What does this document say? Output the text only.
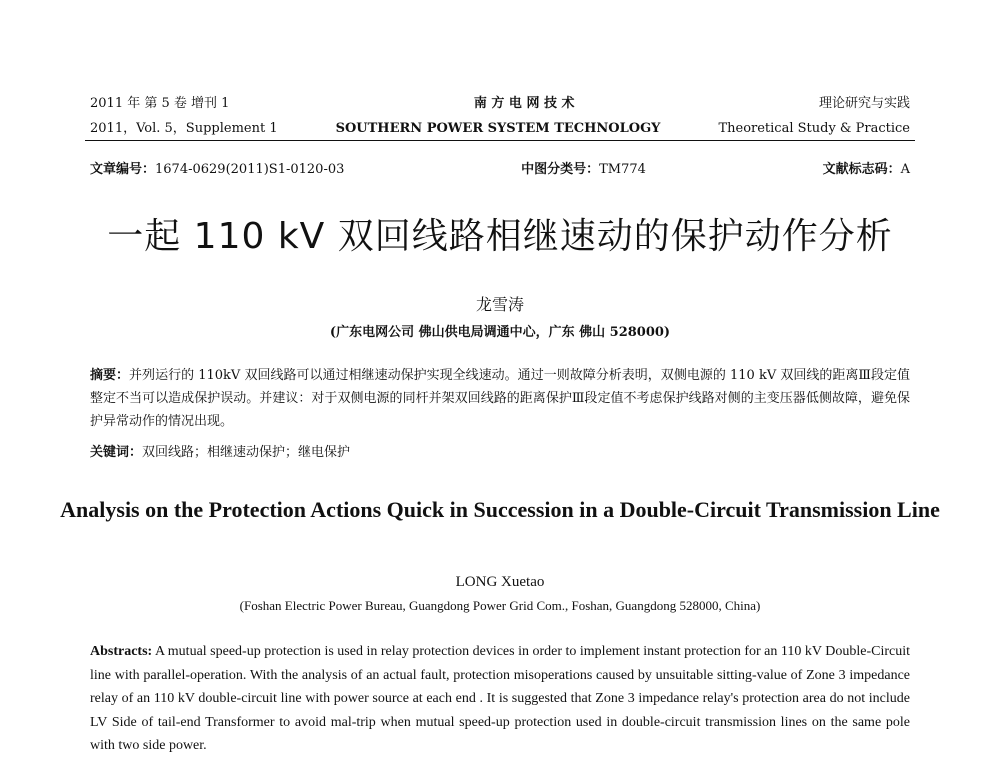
2011 年 第 5 卷 增刊 1	南 方 电 网 技 术	理论研究与实践
2011，Vol. 5，Supplement 1	SOUTHERN POWER SYSTEM TECHNOLOGY	Theoretical Study & Practice
文章编号：1674-0629(2011)S1-0120-03	中图分类号：TM774	文献标志码：A
一起 110 kV 双回线路相继速动的保护动作分析
龙雪涛
(广东电网公司 佛山供电局调通中心，广东 佛山 528000)
摘要：并列运行的 110kV 双回线路可以通过相继速动保护实现全线速动。通过一则故障分析表明，双侧电源的 110 kV 双回线的距离Ⅲ段定值整定不当可以造成保护误动。并建议：对于双侧电源的同杆并架双回线路的距离保护Ⅲ段定值不考虑保护线路对侧的主变压器低侧故障，避免保护异常动作的情况出现。
关键词：双回线路；相继速动保护；继电保护
Analysis on the Protection Actions Quick in Succession in a Double-Circuit Transmission Line
LONG Xuetao
(Foshan Electric Power Bureau, Guangdong Power Grid Com., Foshan, Guangdong 528000, China)
Abstracts: A mutual speed-up protection is used in relay protection devices in order to implement instant protection for an 110 kV Double-Circuit line with parallel-operation. With the analysis of an actual fault, protection misoperations caused by unsuitable sitting-value of Zone 3 impedance relay of an 110 kV double-circuit line with power source at each end . It is suggested that Zone 3 impedance relay's protection area do not include LV Side of tail-end Transformer to avoid mal-trip when mutual speed-up protection used in double-circuit transmission lines on the same pole with two side power.
